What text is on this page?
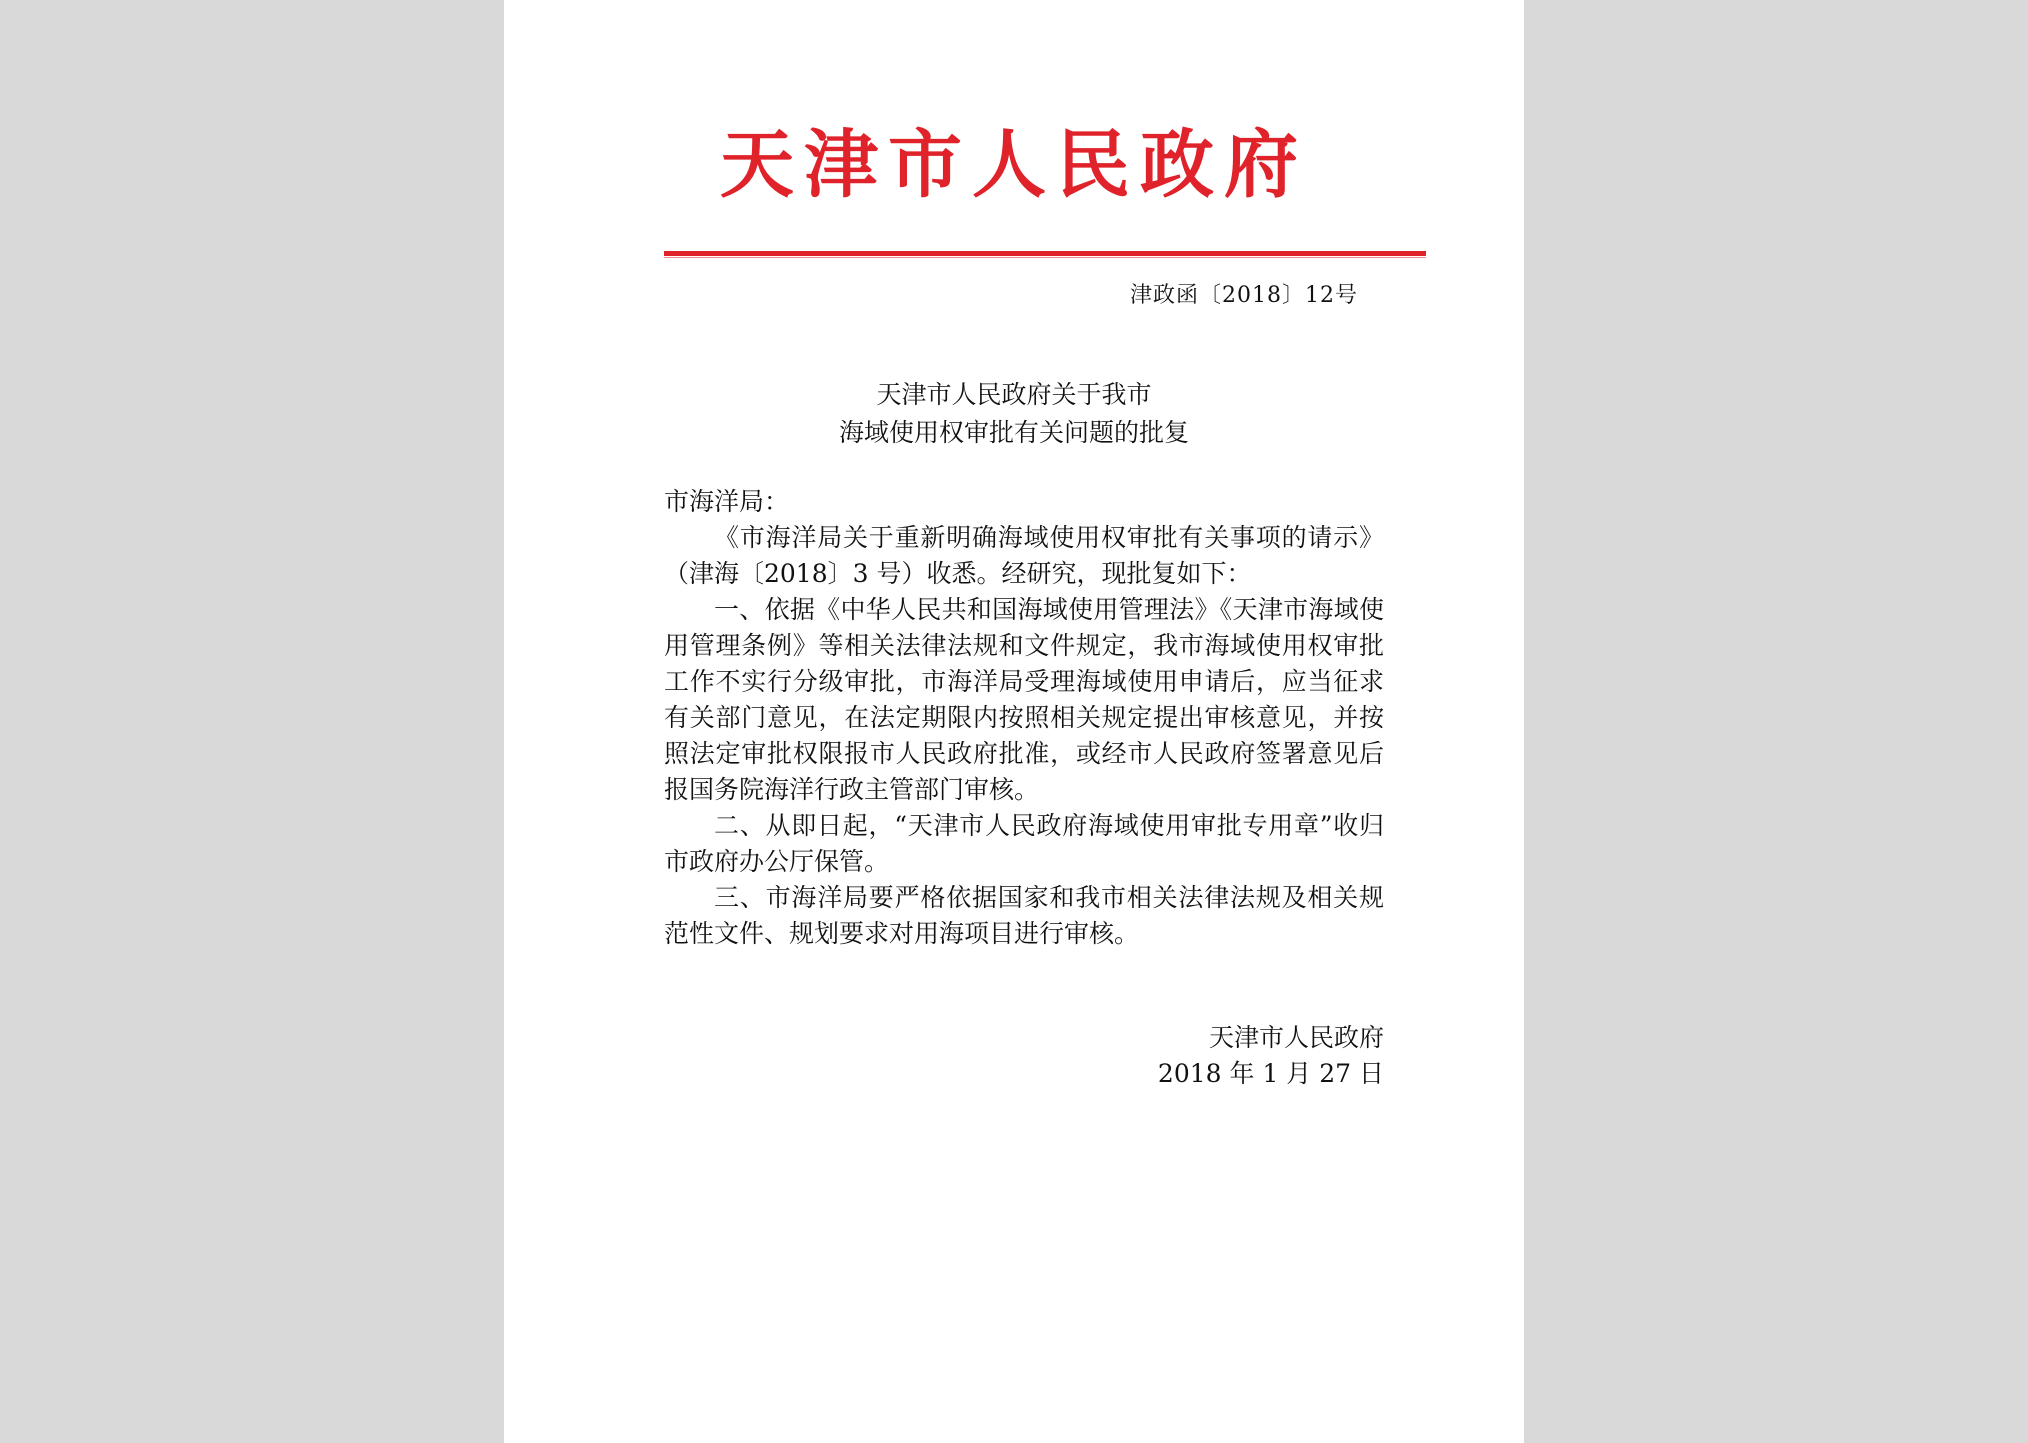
天津市人民政府
津政函〔2018〕12号
天津市人民政府关于我市
海域使用权审批有关问题的批复

市海洋局：

《市海洋局关于重新明确海域使用权审批有关事项的请示》（津海〔2018〕3 号）收悉。经研究，现批复如下：

一、依据《中华人民共和国海域使用管理法》《天津市海域使用管理条例》等相关法律法规和文件规定，我市海域使用权审批工作不实行分级审批，市海洋局受理海域使用申请后，应当征求有关部门意见，在法定期限内按照相关规定提出审核意见，并按照法定审批权限报市人民政府批准，或经市人民政府签署意见后报国务院海洋行政主管部门审核。

二、从即日起，“天津市人民政府海域使用审批专用章”收归市政府办公厅保管。

三、市海洋局要严格依据国家和我市相关法律法规及相关规范性文件、规划要求对用海项目进行审核。

天津市人民政府
2018 年 1 月 27 日
